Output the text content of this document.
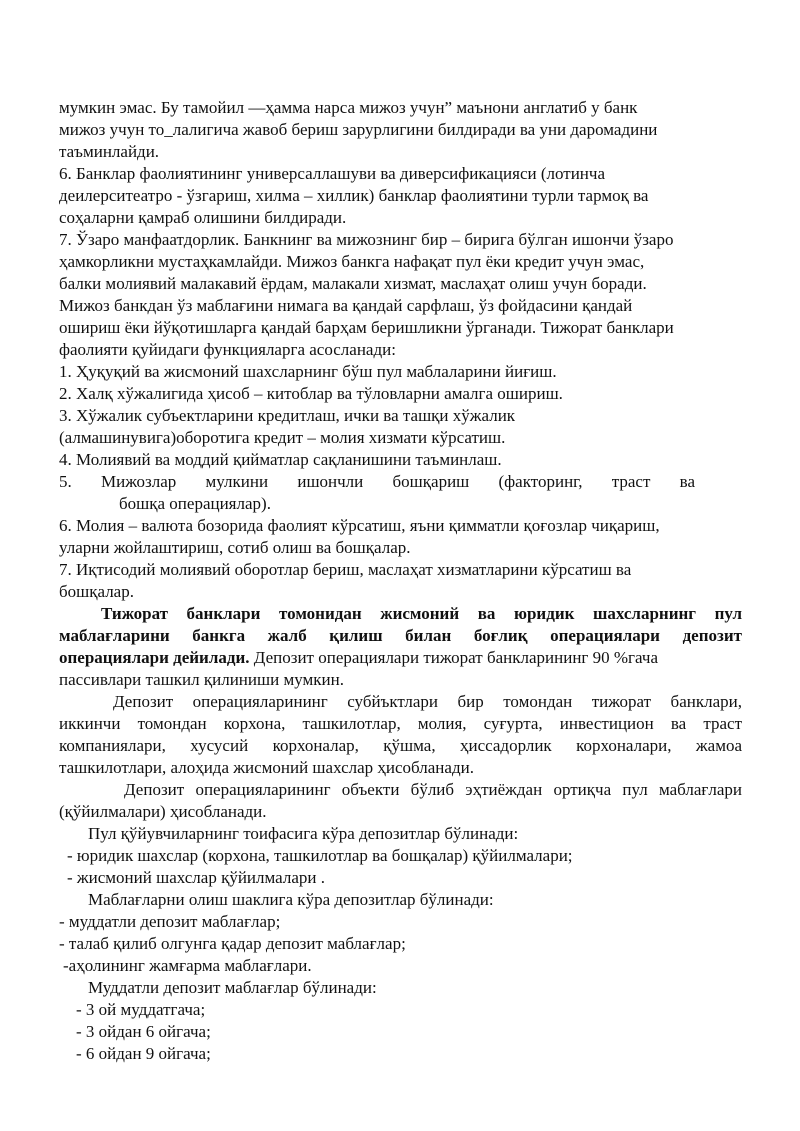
мумкин эмас. Бу тамойил —ҳамма нарса мижоз учун” маънони англатиб у банк
мижоз учун то_лалигича жавоб бериш зарурлигини билдиради ва уни даромадини
таъминлайди.
6. Банклар фаолиятининг универсаллашуви ва диверсификацияси (лотинча
деилерситеатро - ўзгариш, хилма – хиллик) банклар фаолиятини турли тармоқ ва
соҳаларни қамраб олишини билдиради.
7. Ўзаро манфаатдорлик. Банкнинг ва мижознинг бир – бирига бўлган ишончи ўзаро
ҳамкорликни мустаҳкамлайди. Мижоз банкга нафақат пул ёки кредит учун эмас,
балки молиявий малакавий ёрдам, малакали хизмат, маслаҳат олиш учун боради.
Мижоз банкдан ўз маблағини нимага ва қандай сарфлаш, ўз фойдасини қандай
ошириш ёки йўқотишларга қандай барҳам беришликни ўрганади. Тижорат банклари
фаолияти қуйидаги функцияларга асосланади:
1. Ҳуқуқий ва жисмоний шахсларнинг бўш пул маблаларини йиғиш.
2. Халқ хўжалигида ҳисоб – китоблар ва тўловларни амалга ошириш.
3. Хўжалик субъектларини кредитлаш, ички ва ташқи хўжалик
(алмашинувига)оборотига кредит – молия хизмати кўрсатиш.
4. Молиявий ва моддий қийматлар сақланишини таъминлаш.
5. Мижозлар мулкини ишончли бошқариш (факторинг, траст ва
бошқа операциялар).
6. Молия – валюта бозорида фаолият кўрсатиш, яъни қимматли қоғозлар чиқариш,
уларни жойлаштириш, сотиб олиш ва бошқалар.
7. Иқтисодий молиявий оборотлар бериш, маслаҳат хизматларини кўрсатиш ва
бошқалар.
Тижорат банклари томонидан жисмоний ва юридик шахсларнинг пул
маблағларини банкга жалб қилиш билан боғлиқ операциялари депозит
операциялари дейилади. Депозит операциялари тижорат банкларининг 90 %гача
пассивлари ташкил қилиниши мумкин.
Депозит операцияларининг субйъктлари бир томондан тижорат банклари,
иккинчи томондан корхона, ташкилотлар, молия, суғурта, инвестицион ва траст
компаниялари, хусусий корхоналар, қўшма, ҳиссадорлик корхоналари, жамоа
ташкилотлари, алоҳида жисмоний шахслар ҳисобланади.
Депозит операцияларининг объекти бўлиб эҳтиёждан ортиқча пул маблағлари
(қўйилмалари) ҳисобланади.
Пул қўйувчиларнинг тоифасига кўра депозитлар бўлинади:
- юридик шахслар (корхона, ташкилотлар ва бошқалар) қўйилмалари;
- жисмоний шахслар қўйилмалари .
Маблағларни олиш шаклига кўра депозитлар бўлинади:
- муддатли депозит маблағлар;
- талаб қилиб олгунга қадар депозит маблағлар;
-аҳолининг жамғарма маблағлари.
Муддатли депозит маблағлар бўлинади:
- 3 ой муддатгача;
- 3 ойдан 6 ойгача;
- 6 ойдан 9 ойгача;
